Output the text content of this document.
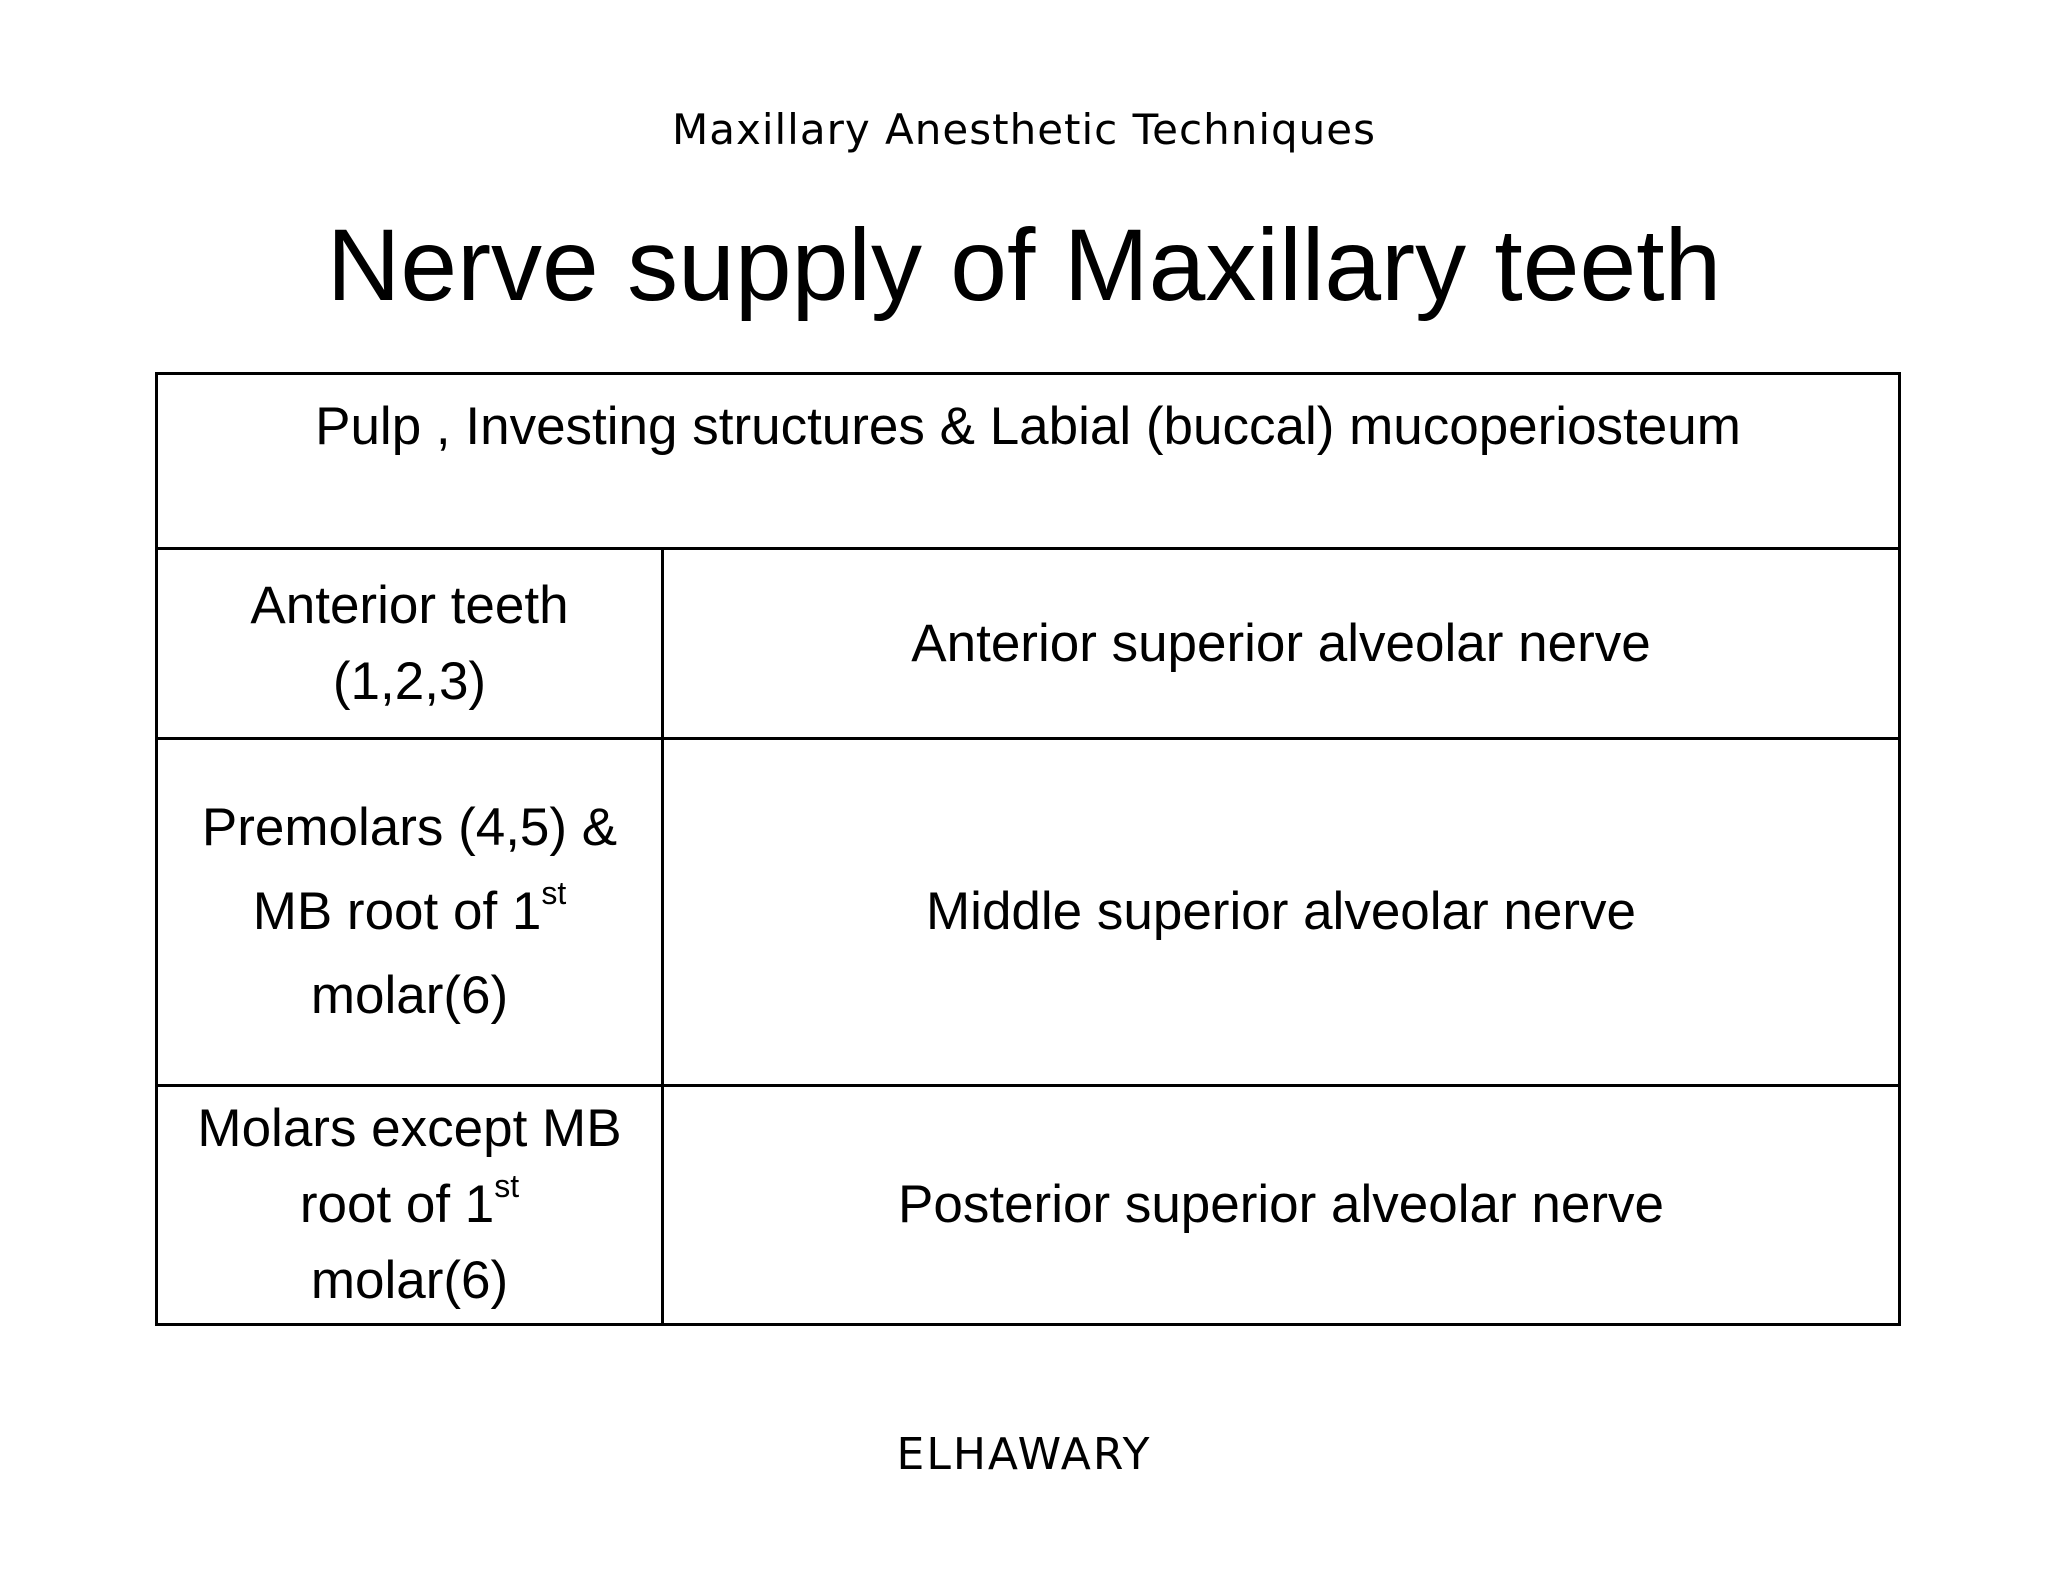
Maxillary Anesthetic Techniques
Nerve supply of Maxillary teeth
Pulp , Investing structures & Labial (buccal) mucoperiosteum	
Anterior teeth
(1,2,3)	Anterior superior alveolar nerve
Premolars (4,5) &
MB root of 1st
molar(6)	Middle superior alveolar nerve
Molars except MB
root of 1st
molar(6)	Posterior superior alveolar nerve
ELHAWARY
